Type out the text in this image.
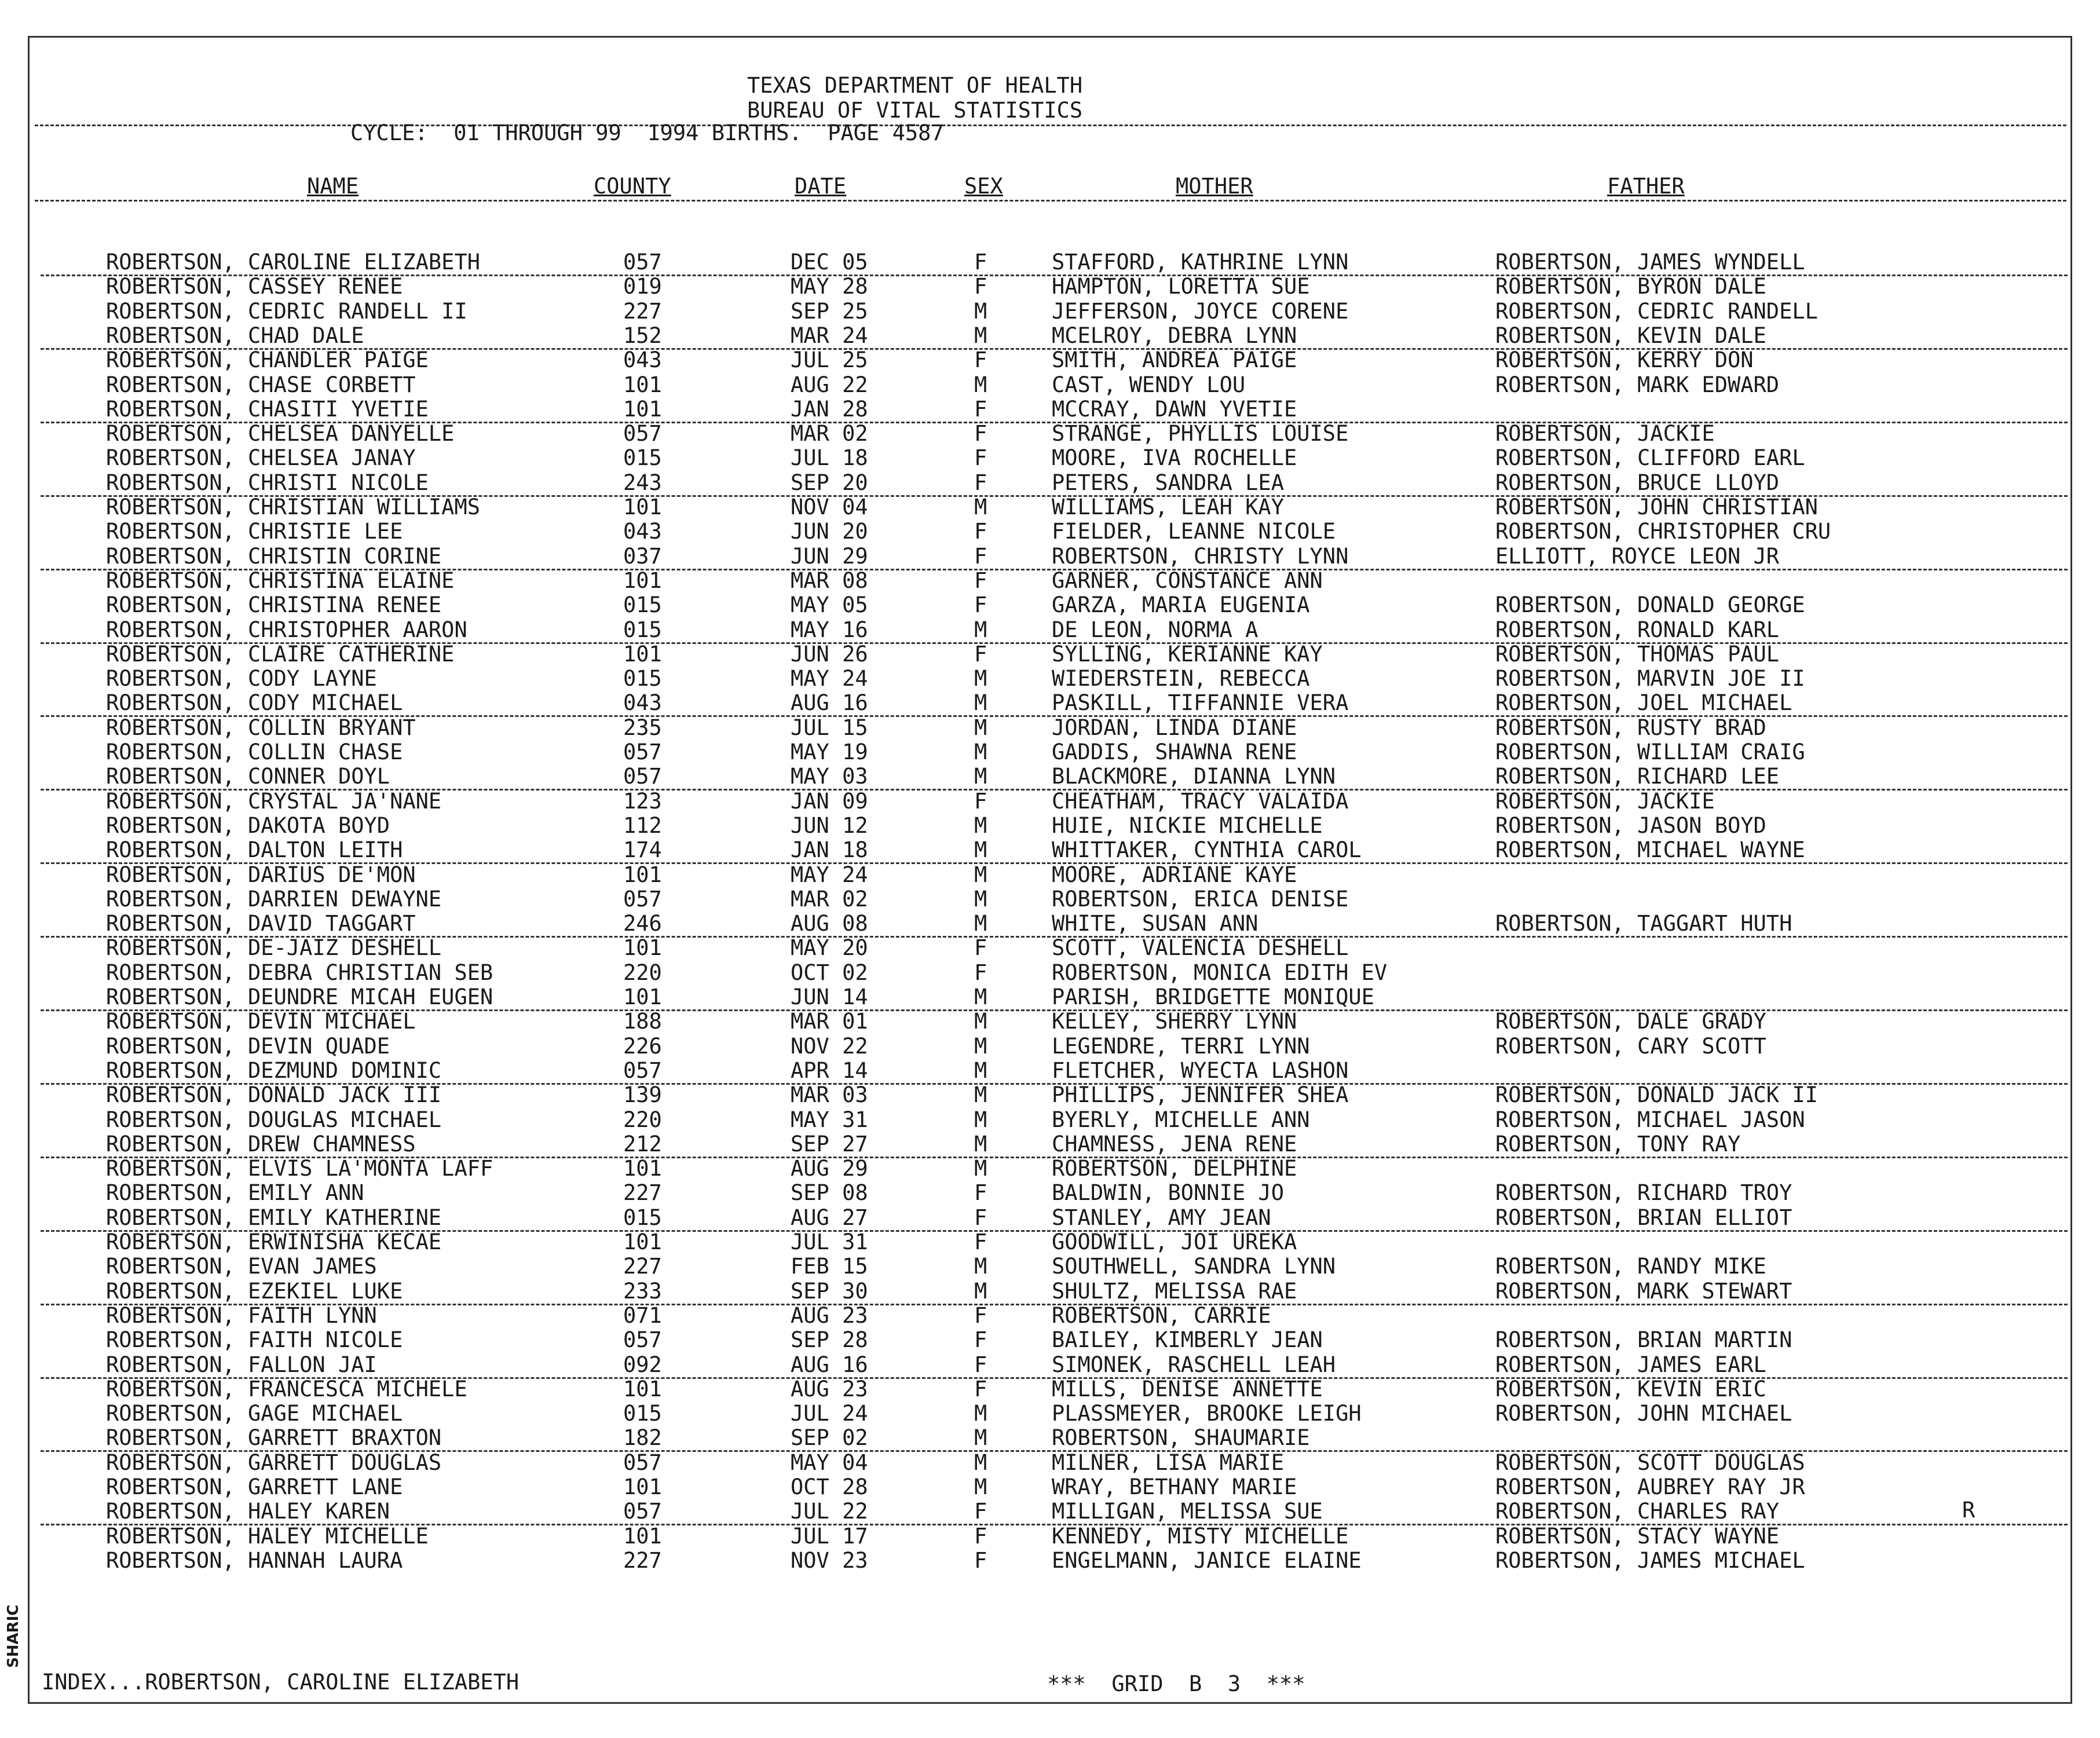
TEXAS DEPARTMENT OF HEALTH
BUREAU OF VITAL STATISTICS
CYCLE:  01 THROUGH 99  1994 BIRTHS.  PAGE 4587
NAME	COUNTY	DATE	SEX	MOTHER	FATHER
ROBERTSON, CAROLINE ELIZABETH	057	DEC 05	F	STAFFORD, KATHRINE LYNN	ROBERTSON, JAMES WYNDELL
ROBERTSON, CASSEY RENEE	019	MAY 28	F	HAMPTON, LORETTA SUE	ROBERTSON, BYRON DALE
ROBERTSON, CEDRIC RANDELL II	227	SEP 25	M	JEFFERSON, JOYCE CORENE	ROBERTSON, CEDRIC RANDELL
ROBERTSON, CHAD DALE	152	MAR 24	M	MCELROY, DEBRA LYNN	ROBERTSON, KEVIN DALE
ROBERTSON, CHANDLER PAIGE	043	JUL 25	F	SMITH, ANDREA PAIGE	ROBERTSON, KERRY DON
ROBERTSON, CHASE CORBETT	101	AUG 22	M	CAST, WENDY LOU	ROBERTSON, MARK EDWARD
ROBERTSON, CHASITI YVETIE	101	JAN 28	F	MCCRAY, DAWN YVETIE
ROBERTSON, CHELSEA DANYELLE	057	MAR 02	F	STRANGE, PHYLLIS LOUISE	ROBERTSON, JACKIE
ROBERTSON, CHELSEA JANAY	015	JUL 18	F	MOORE, IVA ROCHELLE	ROBERTSON, CLIFFORD EARL
ROBERTSON, CHRISTI NICOLE	243	SEP 20	F	PETERS, SANDRA LEA	ROBERTSON, BRUCE LLOYD
ROBERTSON, CHRISTIAN WILLIAMS	101	NOV 04	M	WILLIAMS, LEAH KAY	ROBERTSON, JOHN CHRISTIAN
ROBERTSON, CHRISTIE LEE	043	JUN 20	F	FIELDER, LEANNE NICOLE	ROBERTSON, CHRISTOPHER CRU
ROBERTSON, CHRISTIN CORINE	037	JUN 29	F	ROBERTSON, CHRISTY LYNN	ELLIOTT, ROYCE LEON JR
ROBERTSON, CHRISTINA ELAINE	101	MAR 08	F	GARNER, CONSTANCE ANN
ROBERTSON, CHRISTINA RENEE	015	MAY 05	F	GARZA, MARIA EUGENIA	ROBERTSON, DONALD GEORGE
ROBERTSON, CHRISTOPHER AARON	015	MAY 16	M	DE LEON, NORMA A	ROBERTSON, RONALD KARL
ROBERTSON, CLAIRE CATHERINE	101	JUN 26	F	SYLLING, KERIANNE KAY	ROBERTSON, THOMAS PAUL
ROBERTSON, CODY LAYNE	015	MAY 24	M	WIEDERSTEIN, REBECCA	ROBERTSON, MARVIN JOE II
ROBERTSON, CODY MICHAEL	043	AUG 16	M	PASKILL, TIFFANNIE VERA	ROBERTSON, JOEL MICHAEL
ROBERTSON, COLLIN BRYANT	235	JUL 15	M	JORDAN, LINDA DIANE	ROBERTSON, RUSTY BRAD
ROBERTSON, COLLIN CHASE	057	MAY 19	M	GADDIS, SHAWNA RENE	ROBERTSON, WILLIAM CRAIG
ROBERTSON, CONNER DOYL	057	MAY 03	M	BLACKMORE, DIANNA LYNN	ROBERTSON, RICHARD LEE
ROBERTSON, CRYSTAL JA'NANE	123	JAN 09	F	CHEATHAM, TRACY VALAIDA	ROBERTSON, JACKIE
ROBERTSON, DAKOTA BOYD	112	JUN 12	M	HUIE, NICKIE MICHELLE	ROBERTSON, JASON BOYD
ROBERTSON, DALTON LEITH	174	JAN 18	M	WHITTAKER, CYNTHIA CAROL	ROBERTSON, MICHAEL WAYNE
ROBERTSON, DARIUS DE'MON	101	MAY 24	M	MOORE, ADRIANE KAYE
ROBERTSON, DARRIEN DEWAYNE	057	MAR 02	M	ROBERTSON, ERICA DENISE
ROBERTSON, DAVID TAGGART	246	AUG 08	M	WHITE, SUSAN ANN	ROBERTSON, TAGGART HUTH
ROBERTSON, DE-JAIZ DESHELL	101	MAY 20	F	SCOTT, VALENCIA DESHELL
ROBERTSON, DEBRA CHRISTIAN SEB	220	OCT 02	F	ROBERTSON, MONICA EDITH EV
ROBERTSON, DEUNDRE MICAH EUGEN	101	JUN 14	M	PARISH, BRIDGETTE MONIQUE
ROBERTSON, DEVIN MICHAEL	188	MAR 01	M	KELLEY, SHERRY LYNN	ROBERTSON, DALE GRADY
ROBERTSON, DEVIN QUADE	226	NOV 22	M	LEGENDRE, TERRI LYNN	ROBERTSON, CARY SCOTT
ROBERTSON, DEZMUND DOMINIC	057	APR 14	M	FLETCHER, WYECTA LASHON
ROBERTSON, DONALD JACK III	139	MAR 03	M	PHILLIPS, JENNIFER SHEA	ROBERTSON, DONALD JACK II
ROBERTSON, DOUGLAS MICHAEL	220	MAY 31	M	BYERLY, MICHELLE ANN	ROBERTSON, MICHAEL JASON
ROBERTSON, DREW CHAMNESS	212	SEP 27	M	CHAMNESS, JENA RENE	ROBERTSON, TONY RAY
ROBERTSON, ELVIS LA'MONTA LAFF	101	AUG 29	M	ROBERTSON, DELPHINE
ROBERTSON, EMILY ANN	227	SEP 08	F	BALDWIN, BONNIE JO	ROBERTSON, RICHARD TROY
ROBERTSON, EMILY KATHERINE	015	AUG 27	F	STANLEY, AMY JEAN	ROBERTSON, BRIAN ELLIOT
ROBERTSON, ERWINISHA KECAE	101	JUL 31	F	GOODWILL, JOI UREKA
ROBERTSON, EVAN JAMES	227	FEB 15	M	SOUTHWELL, SANDRA LYNN	ROBERTSON, RANDY MIKE
ROBERTSON, EZEKIEL LUKE	233	SEP 30	M	SHULTZ, MELISSA RAE	ROBERTSON, MARK STEWART
ROBERTSON, FAITH LYNN	071	AUG 23	F	ROBERTSON, CARRIE
ROBERTSON, FAITH NICOLE	057	SEP 28	F	BAILEY, KIMBERLY JEAN	ROBERTSON, BRIAN MARTIN
ROBERTSON, FALLON JAI	092	AUG 16	F	SIMONEK, RASCHELL LEAH	ROBERTSON, JAMES EARL
ROBERTSON, FRANCESCA MICHELE	101	AUG 23	F	MILLS, DENISE ANNETTE	ROBERTSON, KEVIN ERIC
ROBERTSON, GAGE MICHAEL	015	JUL 24	M	PLASSMEYER, BROOKE LEIGH	ROBERTSON, JOHN MICHAEL
ROBERTSON, GARRETT BRAXTON	182	SEP 02	M	ROBERTSON, SHAUMARIE
ROBERTSON, GARRETT DOUGLAS	057	MAY 04	M	MILNER, LISA MARIE	ROBERTSON, SCOTT DOUGLAS
ROBERTSON, GARRETT LANE	101	OCT 28	M	WRAY, BETHANY MARIE	ROBERTSON, AUBREY RAY JR
ROBERTSON, HALEY KAREN	057	JUL 22	F	MILLIGAN, MELISSA SUE	ROBERTSON, CHARLES RAY
ROBERTSON, HALEY MICHELLE	101	JUL 17	F	KENNEDY, MISTY MICHELLE	ROBERTSON, STACY WAYNE
ROBERTSON, HANNAH LAURA	227	NOV 23	F	ENGELMANN, JANICE ELAINE	ROBERTSON, JAMES MICHAEL
R
INDEX...ROBERTSON, CAROLINE ELIZABETH	***  GRID  B  3  ***
SHARIC
